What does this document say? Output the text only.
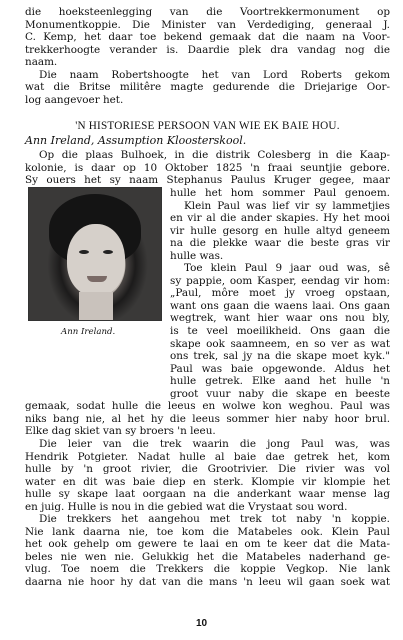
die hoeksteenlegging van die Voortrekkermonument op
Monumentkoppie. Die Minister van Verdediging, generaal J.
C. Kemp, het daar toe bekend gemaak dat die naam na Voor-
trekkerhoogte verander is. Daardie plek dra vandag nog die
naam.
Die naam Robertshoogte het van Lord Roberts gekom
wat die Britse militêre magte gedurende die Driejarige Oor-
log aangevoer het.
'N HISTORIESE PERSOON VAN WIE EK BAIE HOU.
Ann Ireland, Assumption Kloosterskool.
Op die plaas Bulhoek, in die distrik Colesberg in die Kaap-
kolonie, is daar op 10 Oktober 1825 'n fraai seuntjie gebore.
Sy ouers het sy naam Stephanus Paulus Kruger gegee, maar
Ann Ireland.
hulle het hom sommer Paul genoem.
Klein Paul was lief vir sy lammetjies
en vir al die ander skapies. Hy het mooi
vir hulle gesorg en hulle altyd geneem
na die plekke waar die beste gras vir
hulle was.
Toe klein Paul 9 jaar oud was, sê
sy pappie, oom Kasper, eendag vir hom:
„Paul, môre moet jy vroeg opstaan,
want ons gaan die waens laai. Ons gaan
wegtrek, want hier waar ons nou bly,
is te veel moeilikheid. Ons gaan die
skape ook saamneem, en so ver as wat
ons trek, sal jy na die skape moet kyk."
Paul was baie opgewonde. Aldus het
hulle getrek. Elke aand het hulle 'n
groot vuur naby die skape en beeste
gemaak, sodat hulle die leeus en wolwe kon weghou. Paul was
niks bang nie, al het hy die leeus sommer hier naby hoor brul.
Elke dag skiet van sy broers 'n leeu.
Die leier van die trek waarin die jong Paul was, was
Hendrik Potgieter. Nadat hulle al baie dae getrek het, kom
hulle by 'n groot rivier, die Grootrivier. Die rivier was vol
water en dit was baie diep en sterk. Klompie vir klompie het
hulle sy skape laat oorgaan na die anderkant waar mense lag
en juig. Hulle is nou in die gebied wat die Vrystaat sou word.
Die trekkers het aangehou met trek tot naby 'n koppie.
Nie lank daarna nie, toe kom die Matabeles ook. Klein Paul
het ook gehelp om gewere te laai en om te keer dat die Mata-
beles nie wen nie. Gelukkig het die Matabeles naderhand ge-
vlug. Toe noem die Trekkers die koppie Vegkop. Nie lank
daarna nie hoor hy dat van die mans 'n leeu wil gaan soek wat
10
